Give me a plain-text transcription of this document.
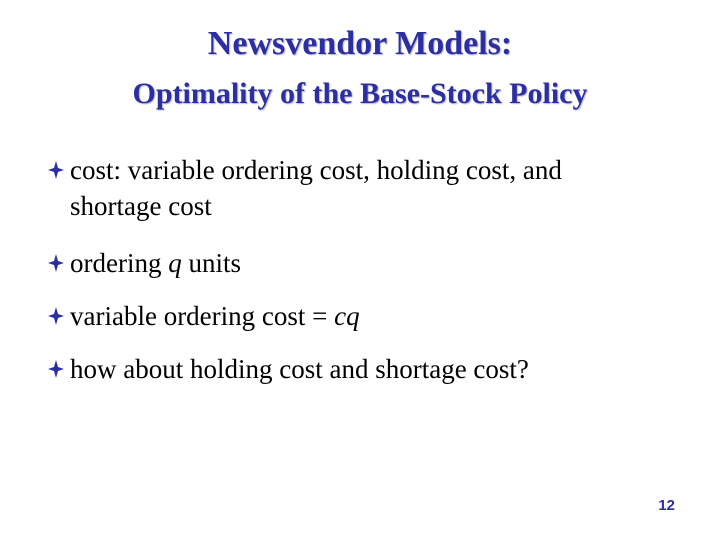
Newsvendor Models:
Optimality of the Base-Stock Policy
cost: variable ordering cost, holding cost, and
shortage cost
ordering q units
variable ordering cost = cq
how about holding cost and shortage cost?
12
